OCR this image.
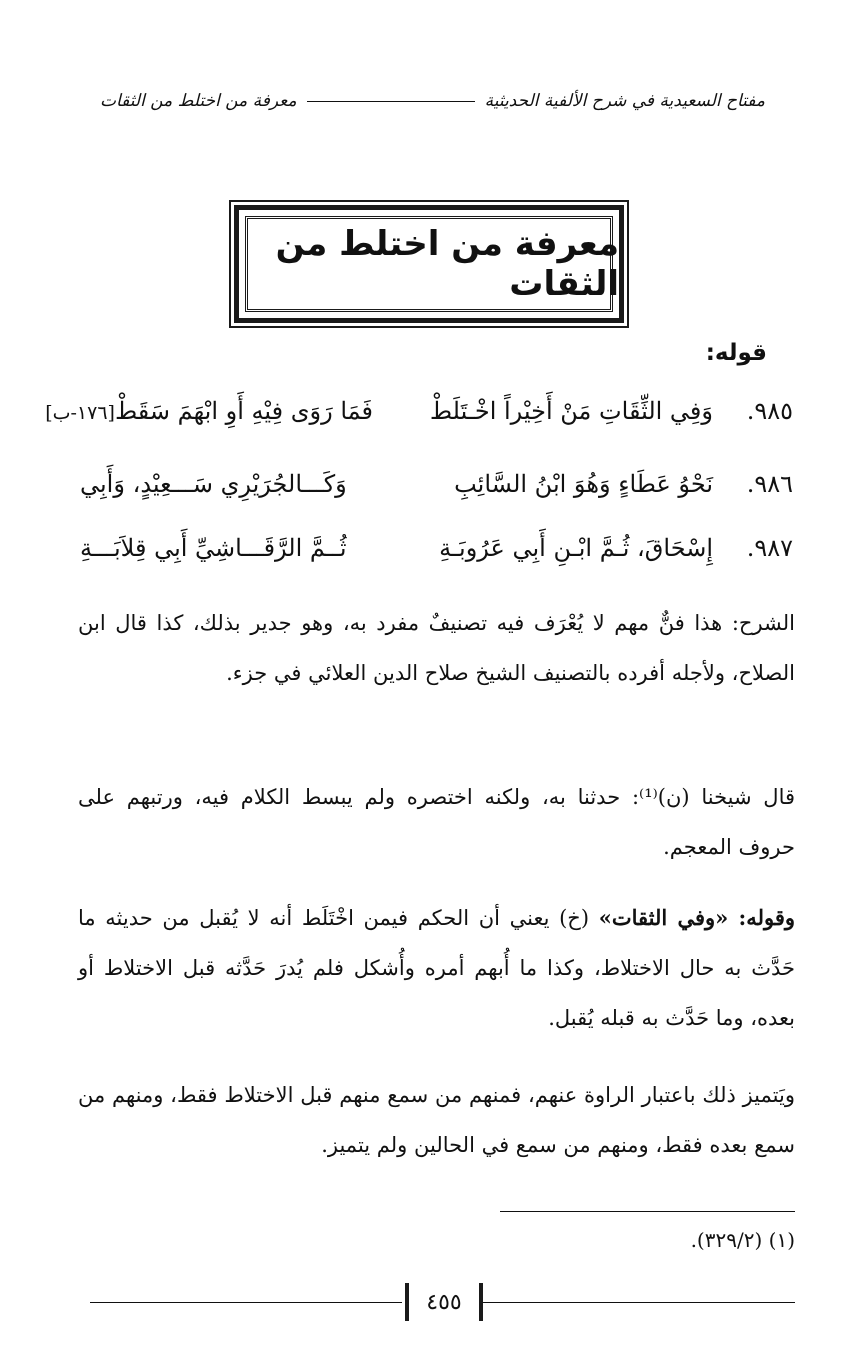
مفتاح السعيدية في شرح الألفية الحديثية
معرفة من اختلط من الثقات
معرفة من اختلط من الثقات
قوله:
٩٨٥.
وَفِي الثِّقَاتِ مَنْ أَخِيْراً اخْـتَلَطْ
فَمَا رَوَى فِيْهِ أَوِ ابْهَمَ سَقَطْ[١٧٦-ب]
٩٨٦.
نَحْوُ عَطَاءٍ وَهُوَ ابْنُ السَّائِبِ
وَكَـــالجُرَيْرِي سَـــعِيْدٍ، وَأَبِي
٩٨٧.
إِسْحَاقَ، ثُـمَّ ابْـنِ أَبِي عَرُوبَـةِ
ثُــمَّ الرَّقَـــاشِيِّ أَبِي قِلاَبَـــةِ
الشرح: هذا فنٌّ مهم لا يُعْرَف فيه تصنيفٌ مفرد به، وهو جدير بذلك، كذا قال ابن الصلاح، ولأجله أفرده بالتصنيف الشيخ صلاح الدين العلائي في جزء.
قال شيخنا (ن)⁽¹⁾: حدثنا به، ولكنه اختصره ولم يبسط الكلام فيه، ورتبهم على حروف المعجم.
وقوله: «وفي الثقات» (خ) يعني أن الحكم فيمن اخْتَلَط أنه لا يُقبل من حديثه ما حَدَّث به حال الاختلاط، وكذا ما أُبهم أمره وأُشكل فلم يُدرَ حَدَّثه قبل الاختلاط أو بعده، وما حَدَّث به قبله يُقبل.
ويَتميز ذلك باعتبار الراوة عنهم، فمنهم من سمع منهم قبل الاختلاط فقط، ومنهم من سمع بعده فقط، ومنهم من سمع في الحالين ولم يتميز.
(١) (٣٢٩/٢).
٤٥٥
